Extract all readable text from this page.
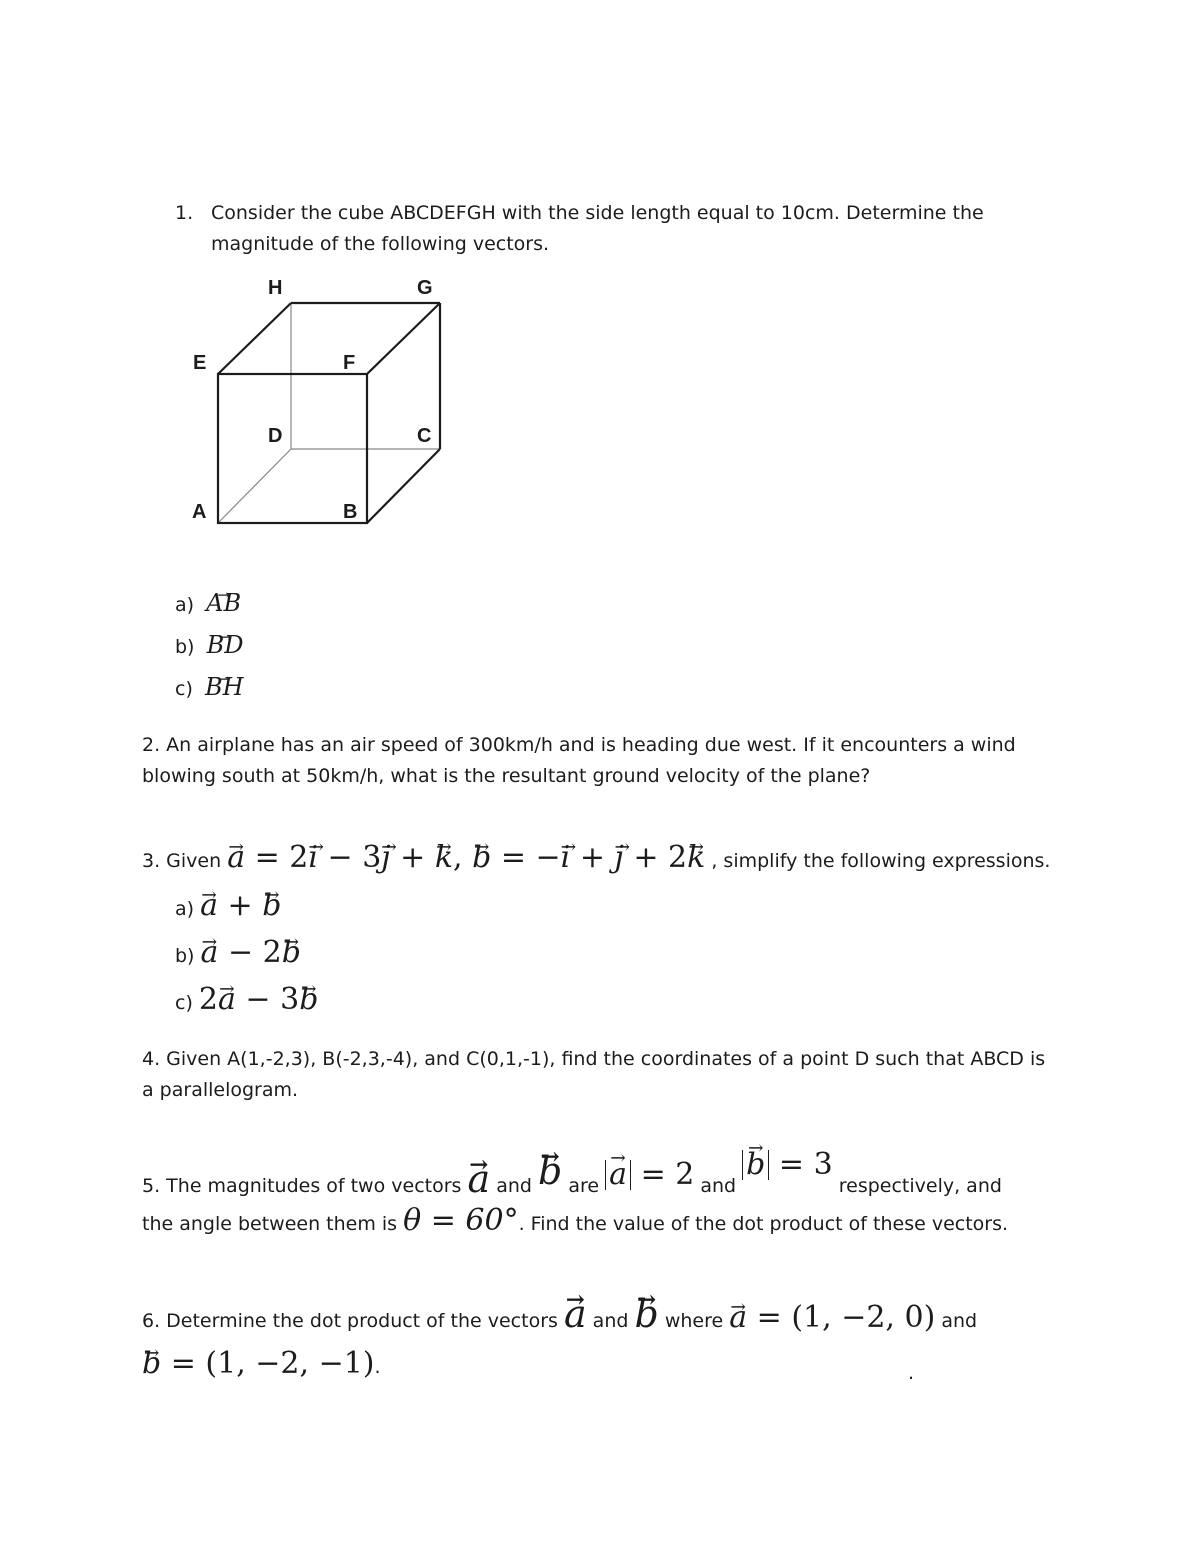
1. Consider the cube ABCDEFGH with the side length equal to 10cm. Determine the
magnitude of the following vectors.
H	G
E	F
D	C
A	B
a) → AB
b) → BD
c) → BH
2. An airplane has an air speed of 300km/h and is heading due west. If it encounters a wind
blowing south at 50km/h, what is the resultant ground velocity of the plane?
3. Given → a = 2→ i − 3→ j + → k, → b = −→ i + → j + 2→ k , simplify the following expressions.
a) → a + → b
b) → a − 2→ b
c) 2→ a − 3→ b
4. Given A(1,-2,3), B(-2,3,-4), and C(0,1,-1), find the coordinates of a point D such that ABCD is
a parallelogram.
5. The magnitudes of two vectors → a and → b are → a = 2 and → b = 3 respectively, and
the angle between them is θ = 60°. Find the value of the dot product of these vectors.
6. Determine the dot product of the vectors → a and → b where → a = (1, −2, 0) and
→ b = (1, −2, −1).	.
